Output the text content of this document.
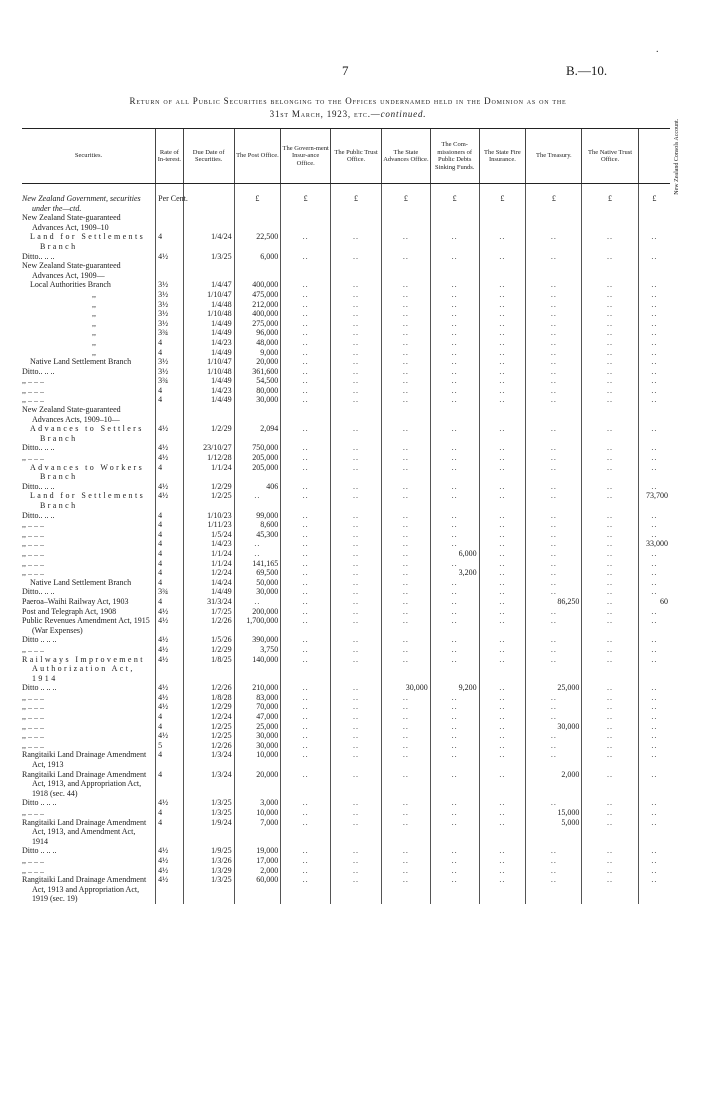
.
7	B.—10.
Return of all Public Securities belonging to the Offices undernamed held in the Dominion as on the
31st March, 1923, etc.—continued.
Securities.	Rate of In-terest.	Due Date of Securities.	The Post Office.	The Govern-ment Insur-ance Office.	The Public Trust Office.	The State Advances Office.	The Com-missioners of Public Debts Sinking Funds.	The State Fire Insurance.	The Treasury.	The Native Trust Office.	New Zealand Consols Account.
New Zealand Government, securities under the—ctd.	Per Cent.		£	£	£	£	£	£	£	£	£
New Zealand State-guaranteed Advances Act, 1909–10											
Land for Settlements Branch	4	1/4/24	22,500	..	..	..	..	..	..	..	..
Ditto.. .. ..	4½	1/3/25	6,000	..	..	..	..	..	..	..	..
New Zealand State-guaranteed Advances Act, 1909—											
Local Authorities Branch	3½	1/4/47	400,000	..	..	..	..	..	..	..	..
,,	3½	1/10/47	475,000	..	..	..	..	..	..	..	..
,,	3½	1/4/48	212,000	..	..	..	..	..	..	..	..
,,	3½	1/10/48	400,000	..	..	..	..	..	..	..	..
,,	3½	1/4/49	275,000	..	..	..	..	..	..	..	..
,,	3¾	1/4/49	96,000	..	..	..	..	..	..	..	..
,,	4	1/4/23	48,000	..	..	..	..	..	..	..	..
,,	4	1/4/49	9,000	..	..	..	..	..	..	..	..
Native Land Settlement Branch	3½	1/10/47	20,000	..	..	..	..	..	..	..	..
Ditto.. .. ..	3½	1/10/48	361,600	..	..	..	..	..	..	..	..
,, .. .. ..	3¾	1/4/49	54,500	..	..	..	..	..	..	..	..
,, .. .. ..	4	1/4/23	80,000	..	..	..	..	..	..	..	..
,, .. .. ..	4	1/4/49	30,000	..	..	..	..	..	..	..	..
New Zealand State-guaranteed Advances Acts, 1909–10—											
Advances to Settlers Branch	4½	1/2/29	2,094	..	..	..	..	..	..	..	..
Ditto.. .. ..	4½	23/10/27	750,000	..	..	..	..	..	..	..	..
,, .. .. ..	4½	1/12/28	205,000	..	..	..	..	..	..	..	..
Advances to Workers Branch	4	1/1/24	205,000	..	..	..	..	..	..	..	..
Ditto.. .. ..	4½	1/2/29	406	..	..	..	..	..	..	..	..
Land for Settlements Branch	4½	1/2/25	..	..	..	..	..	..	..	..	73,700
Ditto.. .. ..	4	1/10/23	99,000	..	..	..	..	..	..	..	..
,, .. .. ..	4	1/11/23	8,600	..	..	..	..	..	..	..	..
,, .. .. ..	4	1/5/24	45,300	..	..	..	..	..	..	..	..
,, .. .. ..	4	1/4/23	..	..	..	..	..	..	..	..	33,000
,, .. .. ..	4	1/1/24	..	..	..	..	6,000	..	..	..	..
,, .. .. ..	4	1/1/24	141,165	..	..	..	..	..	..	..	..
,, .. .. ..	4	1/2/24	69,500	..	..	..	3,200	..	..	..	..
Native Land Settlement Branch	4	1/4/24	50,000	..	..	..	..	..	..	..	..
Ditto.. .. ..	3¾	1/4/49	30,000	..	..	..	..	..	..	..	..
Paeroa–Waihi Railway Act, 1903	4	31/3/24	..	..	..	..	..	..	86,250	..	60
Post and Telegraph Act, 1908	4½	1/7/25	200,000	..	..	..	..	..	..	..	..
Public Revenues Amendment Act, 1915 (War Expenses)	4½	1/2/26	1,700,000	..	..	..	..	..	..	..	..
Ditto .. .. ..	4½	1/5/26	390,000	..	..	..	..	..	..	..	..
,, .. .. ..	4½	1/2/29	3,750	..	..	..	..	..	..	..	..
Railways Improvement Authorization Act, 1914	4½	1/8/25	140,000	..	..	..	..	..	..	..	..
Ditto .. .. ..	4½	1/2/26	210,000	..	..	30,000	9,200	..	25,000	..	..
,, .. .. ..	4½	1/8/28	83,000	..	..	..	..	..	..	..	..
,, .. .. ..	4½	1/2/29	70,000	..	..	..	..	..	..	..	..
,, .. .. ..	4	1/2/24	47,000	..	..	..	..	..	..	..	..
,, .. .. ..	4	1/2/25	25,000	..	..	..	..	..	30,000	..	..
,, .. .. ..	4½	1/2/25	30,000	..	..	..	..	..	..	..	..
,, .. .. ..	5	1/2/26	30,000	..	..	..	..	..	..	..	..
Rangitaiki Land Drainage Amendment Act, 1913	4	1/3/24	10,000	..	..	..	..	..	..	..	..
Rangitaiki Land Drainage Amendment Act, 1913, and Appropriation Act, 1918 (sec. 44)	4	1/3/24	20,000	..	..	..	..	..	2,000	..	..
Ditto .. .. ..	4½	1/3/25	3,000	..	..	..	..	..	..	..	..
,, .. .. ..	4	1/3/25	10,000	..	..	..	..	..	15,000	..	..
Rangitaiki Land Drainage Amendment Act, 1913, and Amendment Act, 1914	4	1/9/24	7,000	..	..	..	..	..	5,000	..	..
Ditto .. .. ..	4½	1/9/25	19,000	..	..	..	..	..	..	..	..
,, .. .. ..	4½	1/3/26	17,000	..	..	..	..	..	..	..	..
,, .. .. ..	4½	1/3/29	2,000	..	..	..	..	..	..	..	..
Rangitaiki Land Drainage Amendment Act, 1913 and Appropriation Act, 1919 (sec. 19)	4½	1/3/25	60,000	..	..	..	..	..	..	..	..
